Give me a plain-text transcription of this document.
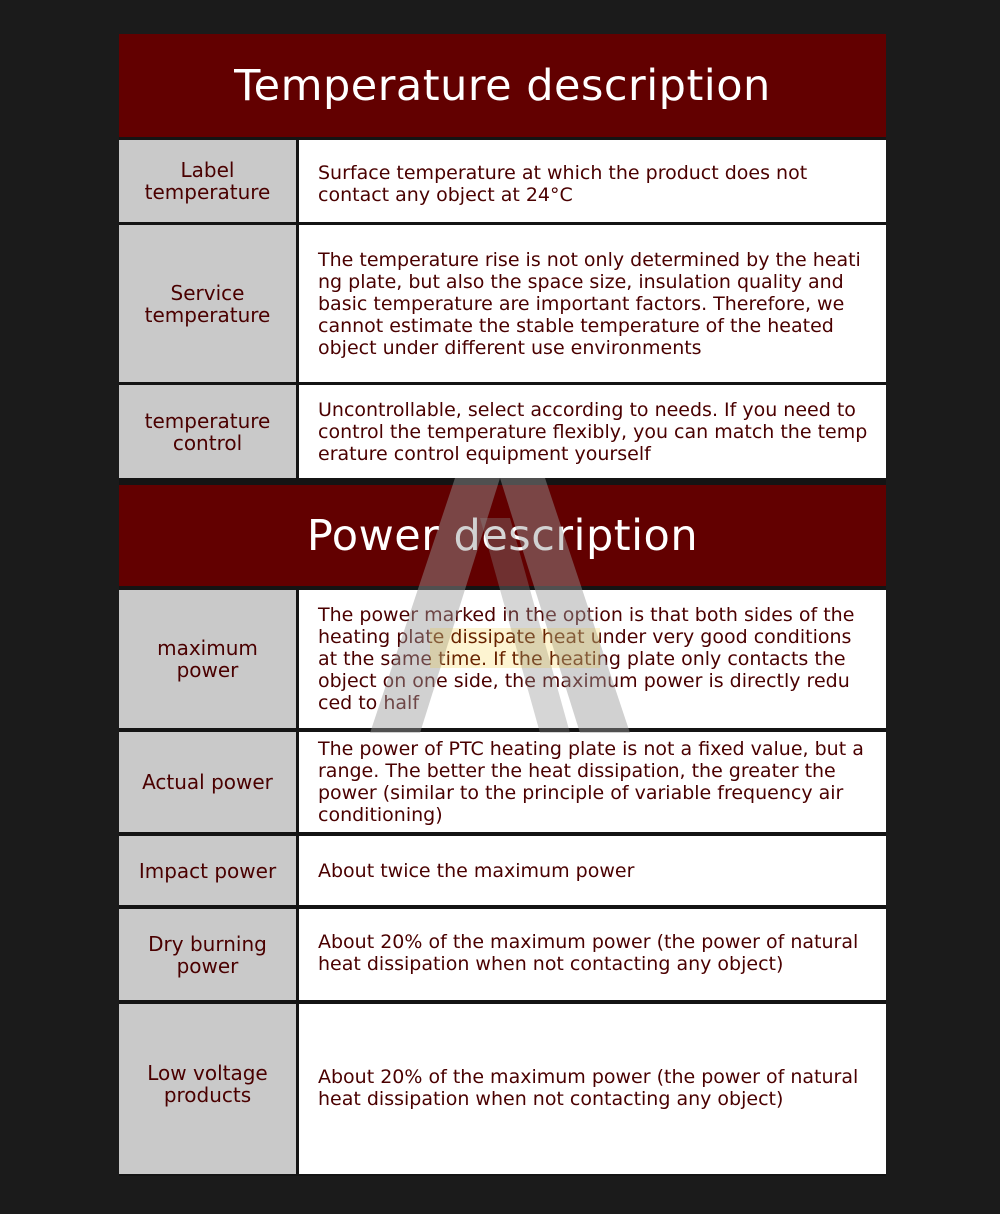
Temperature description
Label temperature
Surface temperature at which the product does not contact any object at 24°C
Service temperature
The temperature rise is not only determined by the heati ng plate, but also the space size, insulation quality and basic temperature are important factors. Therefore, we cannot estimate the stable temperature of the heated object under different use environments
temperature control
Uncontrollable, select according to needs. If you need to control the temperature flexibly, you can match the temp erature control equipment yourself
Power description
maximum power
The power marked in the option is that both sides of the heating plate dissipate heat under very good conditions at the same time. If the heating plate only contacts the object on one side, the maximum power is directly redu ced to half
Actual power
The power of PTC heating plate is not a fixed value, but a range. The better the heat dissipation, the greater the power (similar to the principle of variable frequency air conditioning)
Impact power	About twice the maximum power
Dry burning power
About 20% of the maximum power (the power of natural heat dissipation when not contacting any object)
Low voltage products
About 20% of the maximum power (the power of natural heat dissipation when not contacting any object)
